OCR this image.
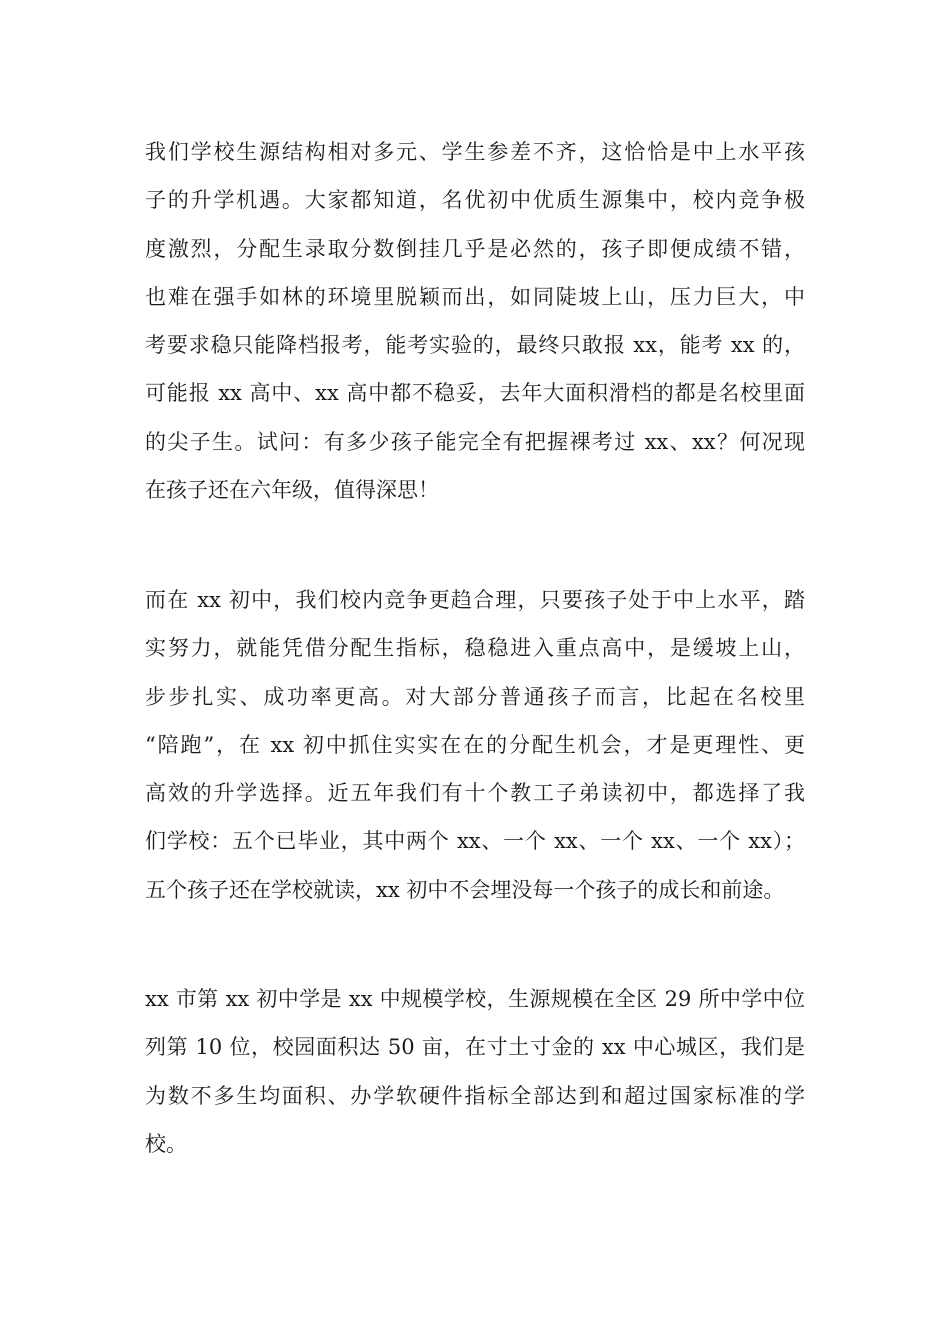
我们学校生源结构相对多元、学生参差不齐，这恰恰是中上水平孩
子的升学机遇。大家都知道，名优初中优质生源集中，校内竞争极
度激烈，分配生录取分数倒挂几乎是必然的，孩子即便成绩不错，
也难在强手如林的环境里脱颖而出，如同陡坡上山，压力巨大，中
考要求稳只能降档报考，能考实验的，最终只敢报 xx，能考 xx 的，
可能报 xx 高中、xx 高中都不稳妥，去年大面积滑档的都是名校里面
的尖子生。试问：有多少孩子能完全有把握裸考过 xx、xx？何况现
在孩子还在六年级，值得深思！
而在 xx 初中，我们校内竞争更趋合理，只要孩子处于中上水平，踏
实努力，就能凭借分配生指标，稳稳进入重点高中，是缓坡上山，
步步扎实、成功率更高。对大部分普通孩子而言，比起在名校里
“陪跑”，在 xx 初中抓住实实在在的分配生机会，才是更理性、更
高效的升学选择。近五年我们有十个教工子弟读初中，都选择了我
们学校：五个已毕业，其中两个 xx、一个 xx、一个 xx、一个 xx）；
五个孩子还在学校就读，xx 初中不会埋没每一个孩子的成长和前途。
xx 市第 xx 初中学是 xx 中规模学校，生源规模在全区 29 所中学中位
列第 10 位，校园面积达 50 亩，在寸土寸金的 xx 中心城区，我们是
为数不多生均面积、办学软硬件指标全部达到和超过国家标准的学
校。
